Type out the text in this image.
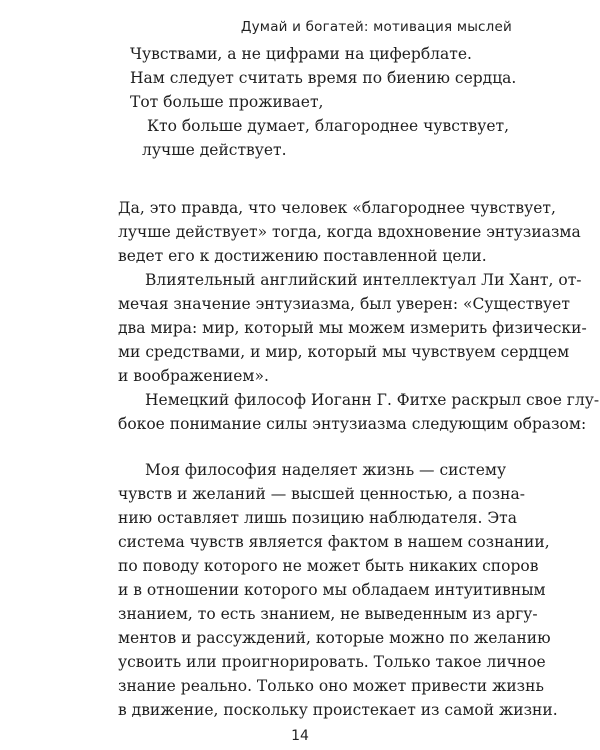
Думай и богатей: мотивация мыслей
Чувствами, а не цифрами на циферблате.
Нам следует считать время по биению сердца.
Тот больше проживает,
Кто больше думает, благороднее чувствует,
лучше действует.
Да, это правда, что человек «благороднее чувствует,
лучше действует» тогда, когда вдохновение энтузиазма
ведет его к достижению поставленной цели.
Влиятельный английский интеллектуал Ли Хант, от-
мечая значение энтузиазма, был уверен: «Существует
два мира: мир, который мы можем измерить физически-
ми средствами, и мир, который мы чувствуем сердцем
и воображением».
Немецкий философ Иоганн Г. Фитхе раскрыл свое глу-
бокое понимание силы энтузиазма следующим образом:
Моя философия наделяет жизнь — систему
чувств и желаний — высшей ценностью, а позна-
нию оставляет лишь позицию наблюдателя. Эта
система чувств является фактом в нашем сознании,
по поводу которого не может быть никаких споров
и в отношении которого мы обладаем интуитивным
знанием, то есть знанием, не выведенным из аргу-
ментов и рассуждений, которые можно по желанию
усвоить или проигнорировать. Только такое личное
знание реально. Только оно может привести жизнь
в движение, поскольку проистекает из самой жизни.
14
